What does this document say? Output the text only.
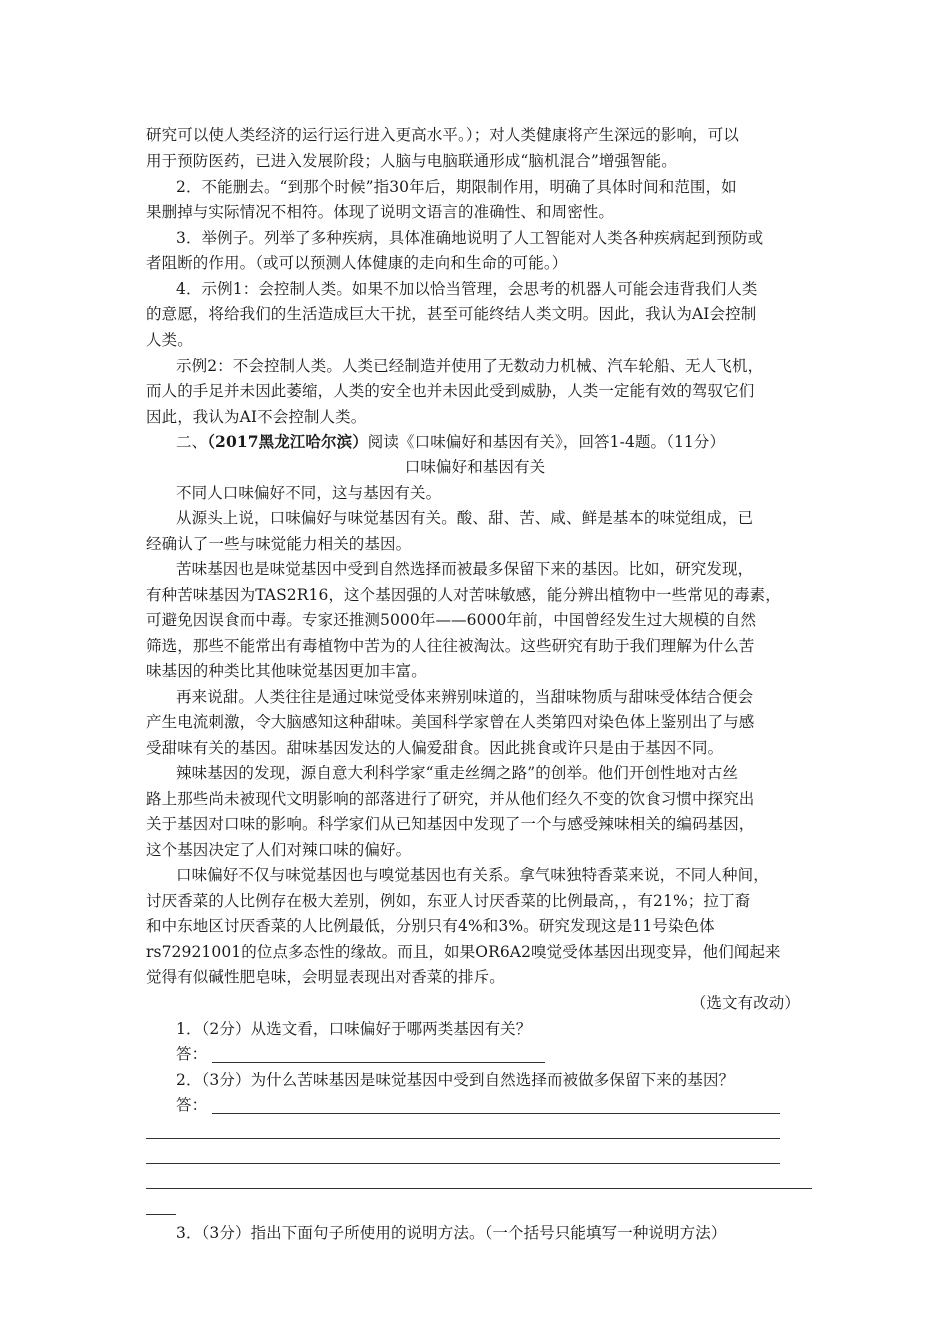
研究可以使人类经济的运行运行进入更高水平。）；对人类健康将产生深远的影响，可以
用于预防医药，已进入发展阶段；人脑与电脑联通形成“脑机混合”增强智能。
2．不能删去。“到那个时候”指30年后，期限制作用，明确了具体时间和范围，如
果删掉与实际情况不相符。体现了说明文语言的准确性、和周密性。
3．举例子。列举了多种疾病，具体准确地说明了人工智能对人类各种疾病起到预防或
者阻断的作用。（或可以预测人体健康的走向和生命的可能。）
4．示例1：会控制人类。如果不加以恰当管理，会思考的机器人可能会违背我们人类
的意愿，将给我们的生活造成巨大干扰，甚至可能终结人类文明。因此，我认为AI会控制
人类。
示例2：不会控制人类。人类已经制造并使用了无数动力机械、汽车轮船、无人飞机，
而人的手足并未因此萎缩，人类的安全也并未因此受到威胁，人类一定能有效的驾驭它们
因此，我认为AI不会控制人类。
二、（2017黑龙江哈尔滨）阅读《口味偏好和基因有关》，回答1-4题。（11分）
口味偏好和基因有关
不同人口味偏好不同，这与基因有关。
从源头上说，口味偏好与味觉基因有关。酸、甜、苦、咸、鲜是基本的味觉组成，已
经确认了一些与味觉能力相关的基因。
苦味基因也是味觉基因中受到自然选择而被最多保留下来的基因。比如，研究发现，
有种苦味基因为TAS2R16，这个基因强的人对苦味敏感，能分辨出植物中一些常见的毒素，
可避免因误食而中毒。专家还推测5000年——6000年前，中国曾经发生过大规模的自然
筛选，那些不能常出有毒植物中苦为的人往往被淘汰。这些研究有助于我们理解为什么苦
味基因的种类比其他味觉基因更加丰富。
再来说甜。人类往往是通过味觉受体来辨别味道的，当甜味物质与甜味受体结合便会
产生电流刺激，令大脑感知这种甜味。美国科学家曾在人类第四对染色体上鉴别出了与感
受甜味有关的基因。甜味基因发达的人偏爱甜食。因此挑食或许只是由于基因不同。
辣味基因的发现，源自意大利科学家“重走丝绸之路”的创举。他们开创性地对古丝
路上那些尚未被现代文明影响的部落进行了研究，并从他们经久不变的饮食习惯中探究出
关于基因对口味的影响。科学家们从已知基因中发现了一个与感受辣味相关的编码基因，
这个基因决定了人们对辣口味的偏好。
口味偏好不仅与味觉基因也与嗅觉基因也有关系。拿气味独特香菜来说，不同人种间，
讨厌香菜的人比例存在极大差别，例如，东亚人讨厌香菜的比例最高，，有21%；拉丁裔
和中东地区讨厌香菜的人比例最低，分别只有4%和3%。研究发现这是11号染色体
rs72921001的位点多态性的缘故。而且，如果OR6A2嗅觉受体基因出现变异，他们闻起来
觉得有似碱性肥皂味，会明显表现出对香菜的排斥。
（选文有改动）
1．（2分）从选文看，口味偏好于哪两类基因有关？
答：
2．（3分）为什么苦味基因是味觉基因中受到自然选择而被做多保留下来的基因？
答：
3．（3分）指出下面句子所使用的说明方法。（一个括号只能填写一种说明方法）
